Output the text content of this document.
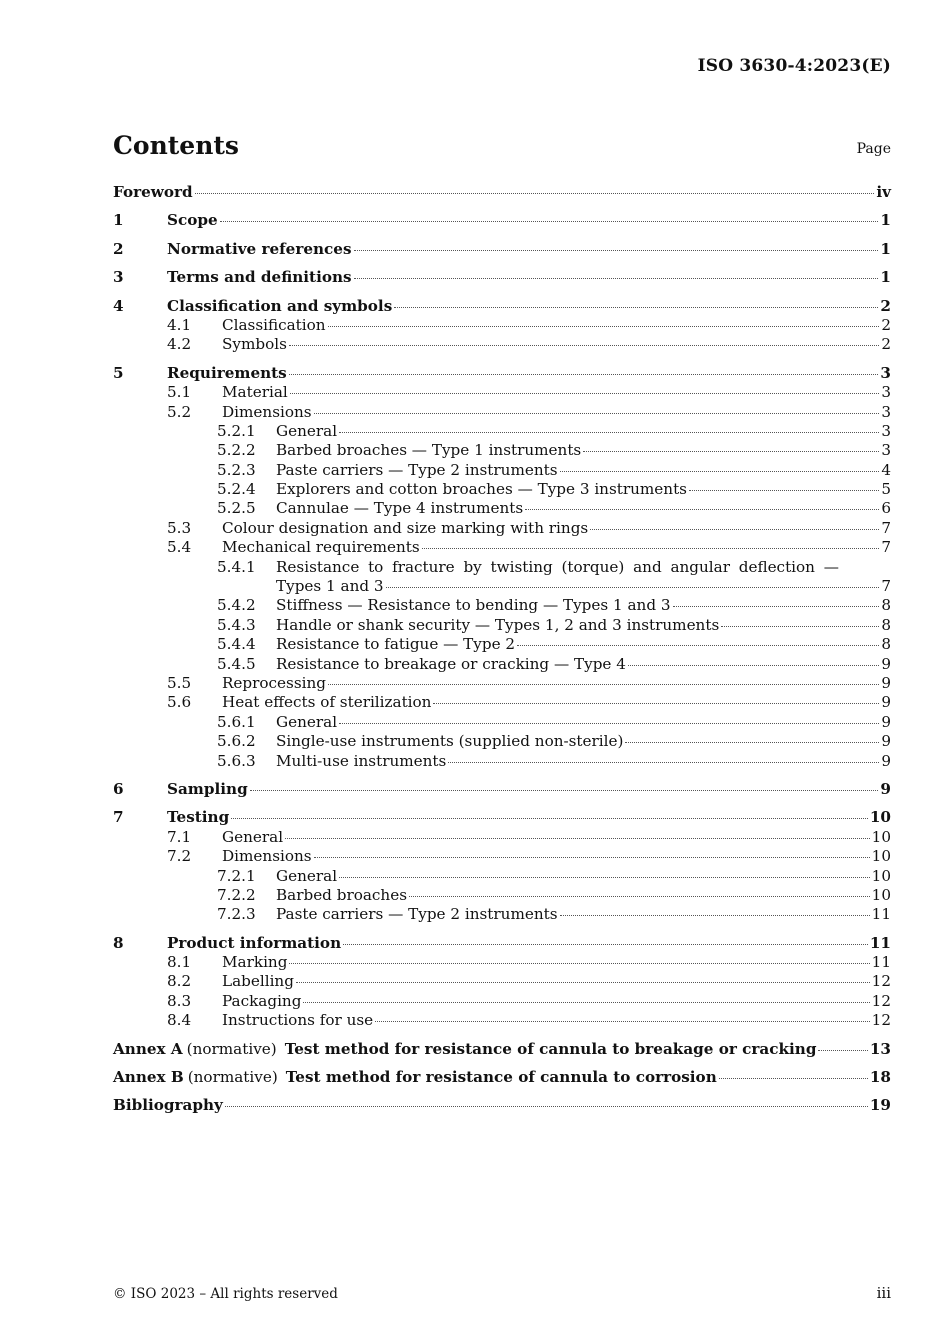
ISO 3630-4:2023(E)
Contents	Page
Foreword	iv
1	Scope	1
2	Normative references	1
3	Terms and definitions	1
4	Classification and symbols	2
4.1	Classification	2
4.2	Symbols	2
5	Requirements	3
5.1	Material	3
5.2	Dimensions	3
5.2.1	General	3
5.2.2	Barbed broaches — Type 1 instruments	3
5.2.3	Paste carriers — Type 2 instruments	4
5.2.4	Explorers and cotton broaches — Type 3 instruments	5
5.2.5	Cannulae — Type 4 instruments	6
5.3	Colour designation and size marking with rings	7
5.4	Mechanical requirements	7
5.4.1	Resistance to fracture by twisting (torque) and angular deflection —
Types 1 and 3	7
5.4.2	Stiffness — Resistance to bending — Types 1 and 3	8
5.4.3	Handle or shank security — Types 1, 2 and 3 instruments	8
5.4.4	Resistance to fatigue — Type 2	8
5.4.5	Resistance to breakage or cracking — Type 4	9
5.5	Reprocessing	9
5.6	Heat effects of sterilization	9
5.6.1	General	9
5.6.2	Single-use instruments (supplied non-sterile)	9
5.6.3	Multi-use instruments	9
6	Sampling	9
7	Testing	10
7.1	General	10
7.2	Dimensions	10
7.2.1	General	10
7.2.2	Barbed broaches	10
7.2.3	Paste carriers — Type 2 instruments	11
8	Product information	11
8.1	Marking	11
8.2	Labelling	12
8.3	Packaging	12
8.4	Instructions for use	12
Annex A (normative) Test method for resistance of cannula to breakage or cracking	13
Annex B (normative) Test method for resistance of cannula to corrosion	18
Bibliography	19
© ISO 2023 – All rights reserved	iii
